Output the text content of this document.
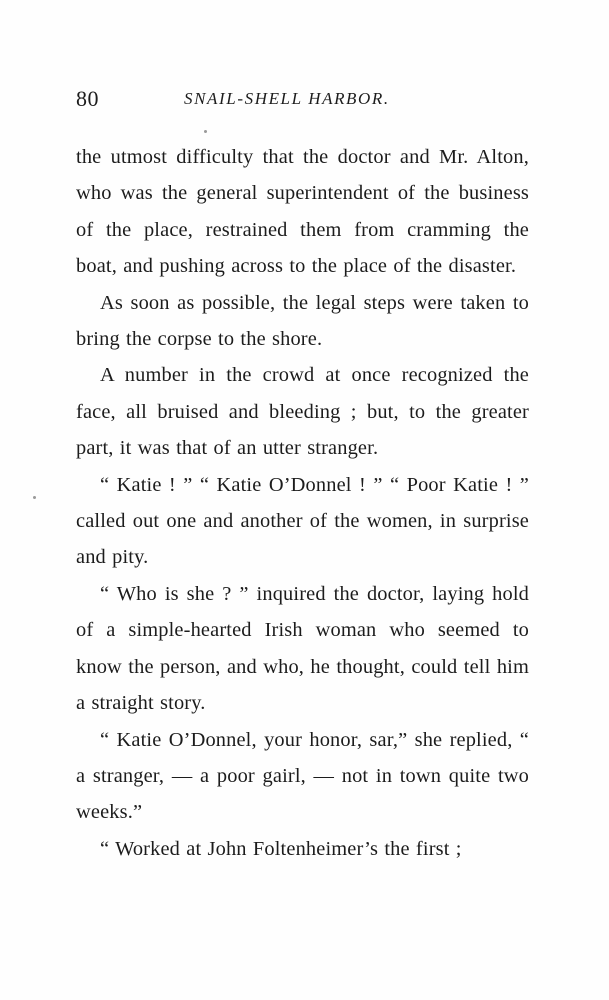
80	SNAIL-SHELL HARBOR.

the utmost difficulty that the doctor and Mr. Alton, who was the general superintendent of the business of the place, restrained them from cramming the boat, and pushing across to the place of the disaster.

As soon as possible, the legal steps were taken to bring the corpse to the shore.

A number in the crowd at once recognized the face, all bruised and bleeding ; but, to the greater part, it was that of an utter stranger.

“ Katie ! ” “ Katie O’Donnel ! ” “ Poor Katie ! ” called out one and another of the women, in surprise and pity.

“ Who is she ? ” inquired the doctor, laying hold of a simple-hearted Irish woman who seemed to know the person, and who, he thought, could tell him a straight story.

“ Katie O’Donnel, your honor, sar,” she replied, “ a stranger, — a poor gairl, — not in town quite two weeks.”

“ Worked at John Foltenheimer’s the first ;
